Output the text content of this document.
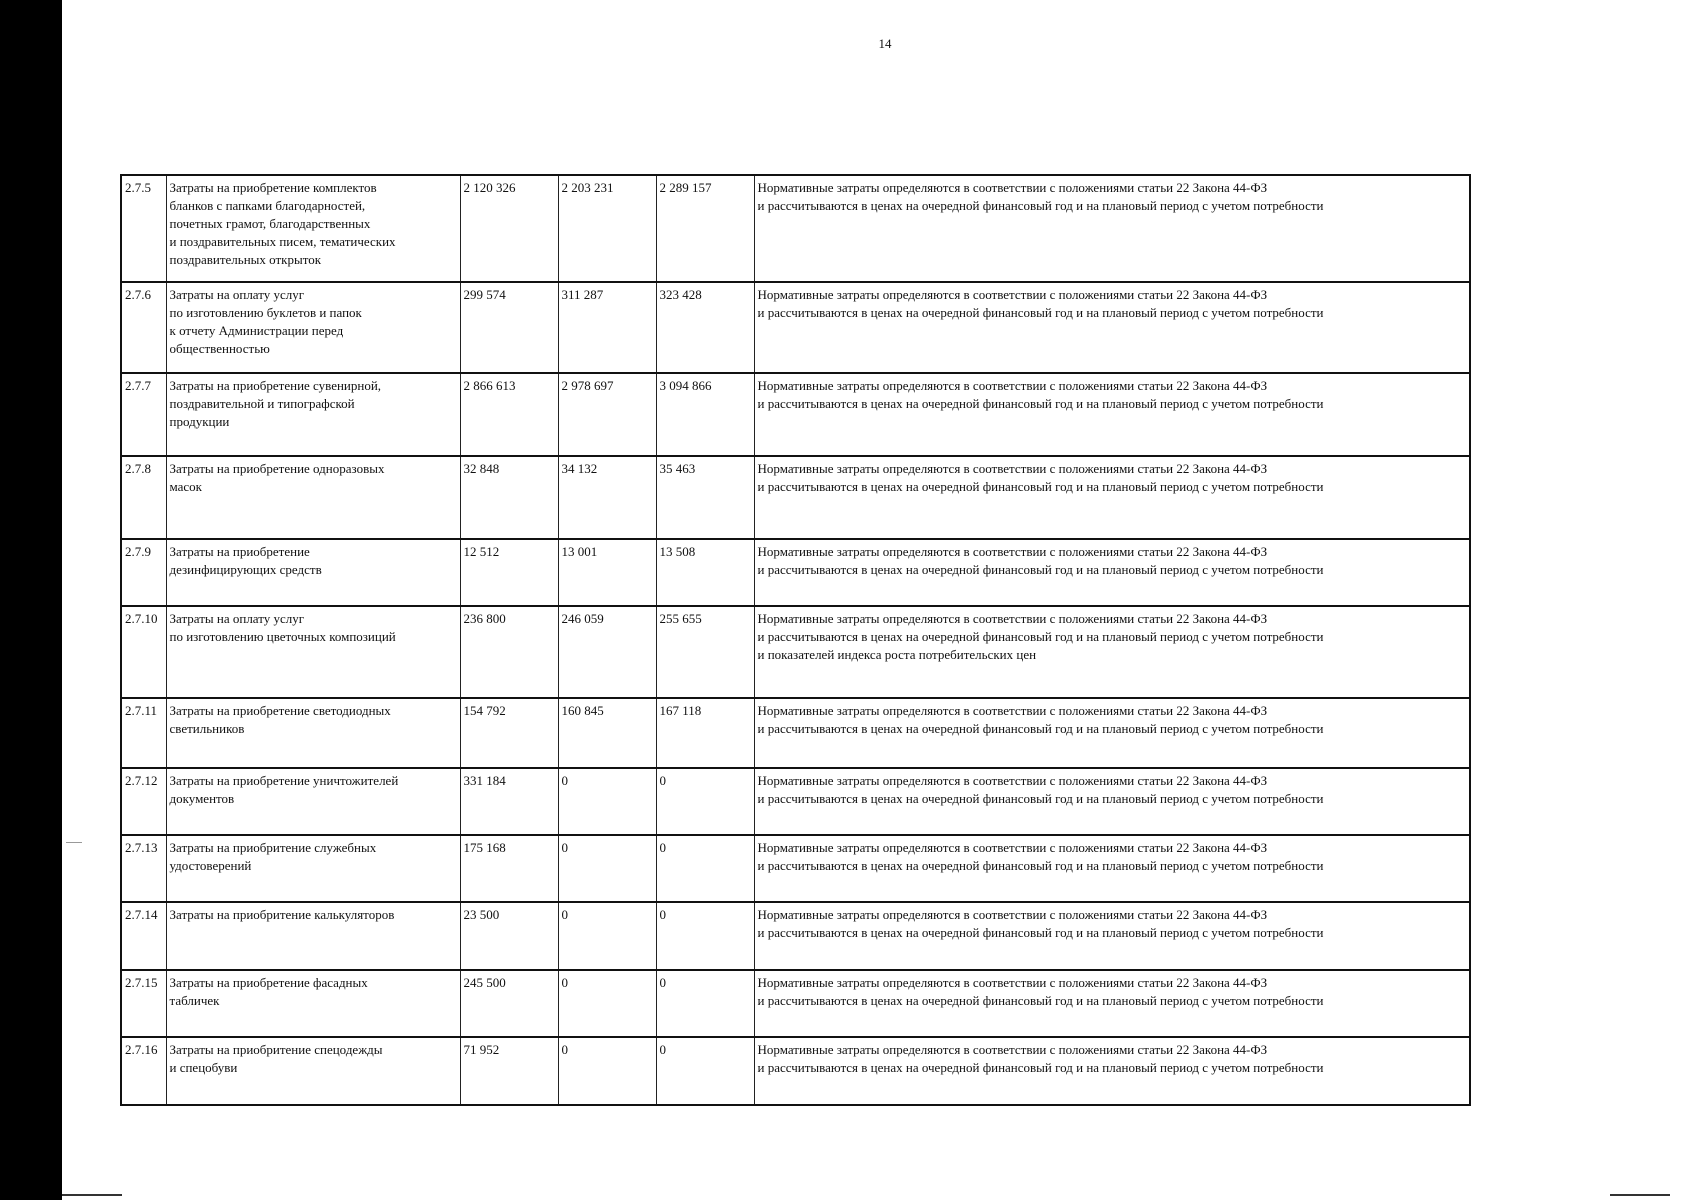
14
2.7.5	Затраты на приобретение комплектов
бланков с папками благодарностей,
почетных грамот, благодарственных
и поздравительных писем, тематических
поздравительных открыток	2 120 326	2 203 231	2 289 157	Нормативные затраты определяются в соответствии с положениями статьи 22 Закона 44-ФЗ
и рассчитываются в ценах на очередной финансовый год и на плановый период с учетом потребности

2.7.6	Затраты на оплату услуг
по изготовлению буклетов и папок
к отчету Администрации перед
общественностью	299 574	311 287	323 428	Нормативные затраты определяются в соответствии с положениями статьи 22 Закона 44-ФЗ
и рассчитываются в ценах на очередной финансовый год и на плановый период с учетом потребности

2.7.7	Затраты на приобретение сувенирной,
поздравительной и типографской
продукции	2 866 613	2 978 697	3 094 866	Нормативные затраты определяются в соответствии с положениями статьи 22 Закона 44-ФЗ
и рассчитываются в ценах на очередной финансовый год и на плановый период с учетом потребности

2.7.8	Затраты на приобретение одноразовых
масок	32 848	34 132	35 463	Нормативные затраты определяются в соответствии с положениями статьи 22 Закона 44-ФЗ
и рассчитываются в ценах на очередной финансовый год и на плановый период с учетом потребности

2.7.9	Затраты на приобретение
дезинфицирующих средств	12 512	13 001	13 508	Нормативные затраты определяются в соответствии с положениями статьи 22 Закона 44-ФЗ
и рассчитываются в ценах на очередной финансовый год и на плановый период с учетом потребности

2.7.10	Затраты на оплату услуг
по изготовлению цветочных композиций	236 800	246 059	255 655	Нормативные затраты определяются в соответствии с положениями статьи 22 Закона 44-ФЗ
и рассчитываются в ценах на очередной финансовый год и на плановый период с учетом потребности
и показателей индекса роста потребительских цен

2.7.11	Затраты на приобретение светодиодных
светильников	154 792	160 845	167 118	Нормативные затраты определяются в соответствии с положениями статьи 22 Закона 44-ФЗ
и рассчитываются в ценах на очередной финансовый год и на плановый период с учетом потребности

2.7.12	Затраты на приобретение уничтожителей
документов	331 184	0	0	Нормативные затраты определяются в соответствии с положениями статьи 22 Закона 44-ФЗ
и рассчитываются в ценах на очередной финансовый год и на плановый период с учетом потребности

2.7.13	Затраты на приобритение служебных
удостоверений	175 168	0	0	Нормативные затраты определяются в соответствии с положениями статьи 22 Закона 44-ФЗ
и рассчитываются в ценах на очередной финансовый год и на плановый период с учетом потребности

2.7.14	Затраты на приобритение калькуляторов	23 500	0	0	Нормативные затраты определяются в соответствии с положениями статьи 22 Закона 44-ФЗ
и рассчитываются в ценах на очередной финансовый год и на плановый период с учетом потребности

2.7.15	Затраты на приобретение фасадных
табличек	245 500	0	0	Нормативные затраты определяются в соответствии с положениями статьи 22 Закона 44-ФЗ
и рассчитываются в ценах на очередной финансовый год и на плановый период с учетом потребности

2.7.16	Затраты на приобритение спецодежды
и спецобуви	71 952	0	0	Нормативные затраты определяются в соответствии с положениями статьи 22 Закона 44-ФЗ
и рассчитываются в ценах на очередной финансовый год и на плановый период с учетом потребности
